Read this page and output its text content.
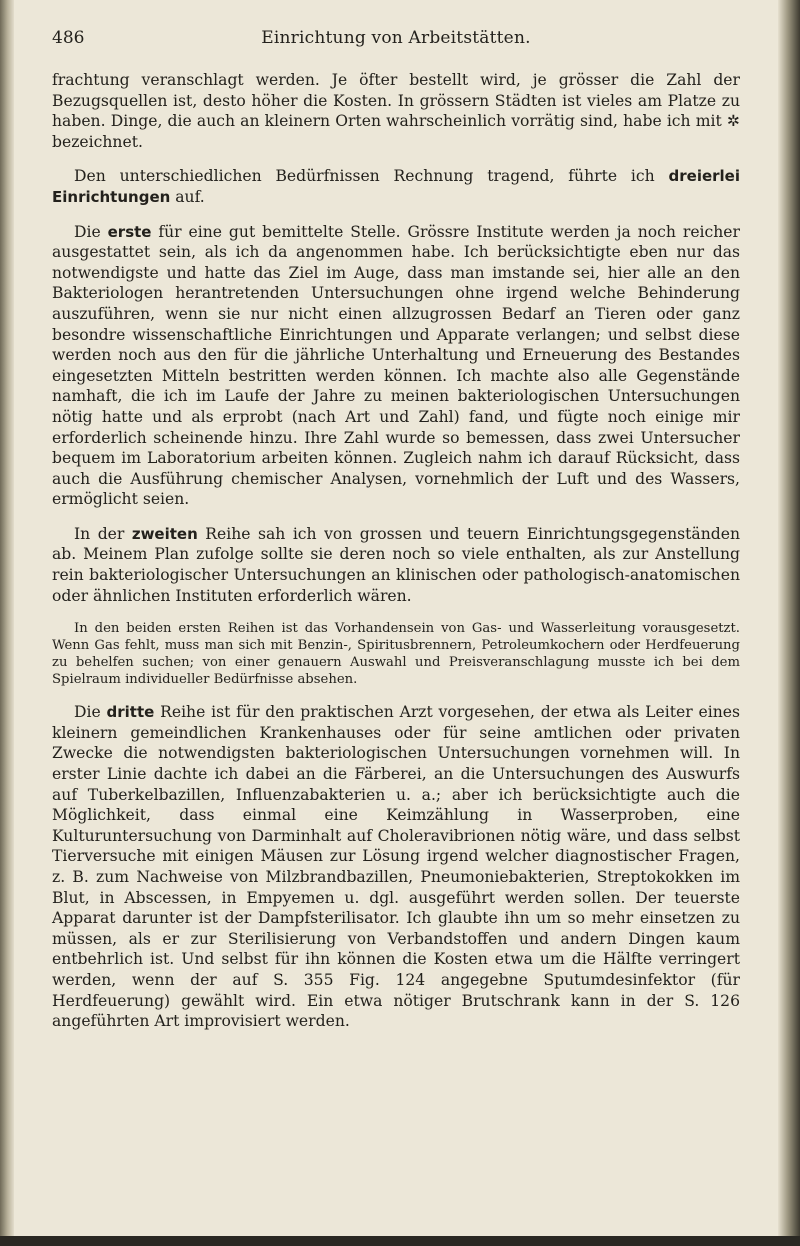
486	Einrichtung von Arbeitstätten.

frachtung veranschlagt werden. Je öfter bestellt wird, je grösser die Zahl der Bezugsquellen ist, desto höher die Kosten. In grössern Städten ist vieles am Platze zu haben. Dinge, die auch an kleinern Orten wahrscheinlich vorrätig sind, habe ich mit ✲ bezeichnet.

Den unterschiedlichen Bedürfnissen Rechnung tragend, führte ich dreierlei Einrichtungen auf.

Die erste für eine gut bemittelte Stelle. Grössre Institute werden ja noch reicher ausgestattet sein, als ich da angenommen habe. Ich berücksichtigte eben nur das notwendigste und hatte das Ziel im Auge, dass man imstande sei, hier alle an den Bakteriologen herantretenden Untersuchungen ohne irgend welche Behinderung auszuführen, wenn sie nur nicht einen allzugrossen Bedarf an Tieren oder ganz besondre wissenschaftliche Einrichtungen und Apparate verlangen; und selbst diese werden noch aus den für die jährliche Unterhaltung und Erneuerung des Bestandes eingesetzten Mitteln bestritten werden können. Ich machte also alle Gegenstände namhaft, die ich im Laufe der Jahre zu meinen bakteriologischen Untersuchungen nötig hatte und als erprobt (nach Art und Zahl) fand, und fügte noch einige mir erforderlich scheinende hinzu. Ihre Zahl wurde so bemessen, dass zwei Untersucher bequem im Laboratorium arbeiten können. Zugleich nahm ich darauf Rücksicht, dass auch die Ausführung chemischer Analysen, vornehmlich der Luft und des Wassers, ermöglicht seien.

In der zweiten Reihe sah ich von grossen und teuern Einrichtungsgegenständen ab. Meinem Plan zufolge sollte sie deren noch so viele enthalten, als zur Anstellung rein bakteriologischer Untersuchungen an klinischen oder pathologisch-anatomischen oder ähnlichen Instituten erforderlich wären.

In den beiden ersten Reihen ist das Vorhandensein von Gas- und Wasserleitung vorausgesetzt. Wenn Gas fehlt, muss man sich mit Benzin-, Spiritusbrennern, Petroleumkochern oder Herdfeuerung zu behelfen suchen; von einer genauern Auswahl und Preisveranschlagung musste ich bei dem Spielraum individueller Bedürfnisse absehen.

Die dritte Reihe ist für den praktischen Arzt vorgesehen, der etwa als Leiter eines kleinern gemeindlichen Krankenhauses oder für seine amtlichen oder privaten Zwecke die notwendigsten bakteriologischen Untersuchungen vornehmen will. In erster Linie dachte ich dabei an die Färberei, an die Untersuchungen des Auswurfs auf Tuberkelbazillen, Influenzabakterien u. a.; aber ich berücksichtigte auch die Möglichkeit, dass einmal eine Keimzählung in Wasserproben, eine Kulturuntersuchung von Darminhalt auf Choleravibrionen nötig wäre, und dass selbst Tierversuche mit einigen Mäusen zur Lösung irgend welcher diagnostischer Fragen, z. B. zum Nachweise von Milzbrandbazillen, Pneumoniebakterien, Streptokokken im Blut, in Abscessen, in Empyemen u. dgl. ausgeführt werden sollen. Der teuerste Apparat darunter ist der Dampfsterilisator. Ich glaubte ihn um so mehr einsetzen zu müssen, als er zur Sterilisierung von Verbandstoffen und andern Dingen kaum entbehrlich ist. Und selbst für ihn können die Kosten etwa um die Hälfte verringert werden, wenn der auf S. 355 Fig. 124 angegebne Sputumdesinfektor (für Herdfeuerung) gewählt wird. Ein etwa nötiger Brutschrank kann in der S. 126 angeführten Art improvisiert werden.
